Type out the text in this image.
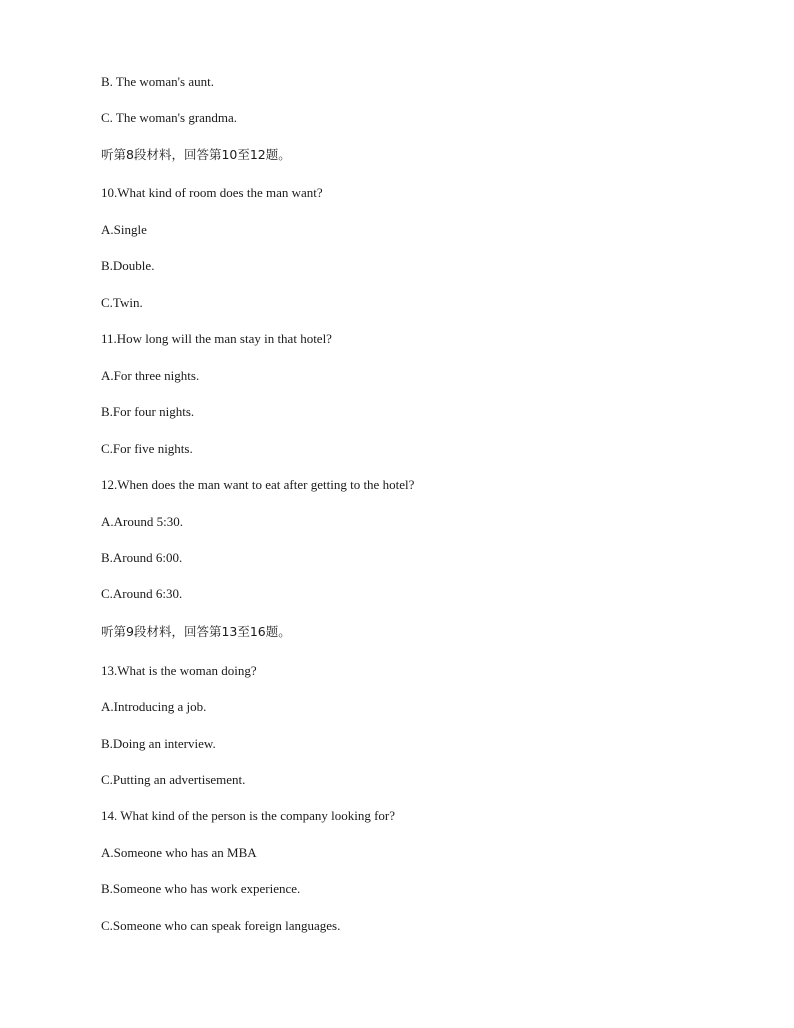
B. The woman's aunt.
C. The woman's grandma.
听第8段材料，回答第10至12题。
10.What kind of room does the man want?
A.Single
B.Double.
C.Twin.
11.How long will the man stay in that hotel?
A.For three nights.
B.For four nights.
C.For five nights.
12.When does the man want to eat after getting to the hotel?
A.Around 5:30.
B.Around 6:00.
C.Around 6:30.
听第9段材料，回答第13至16题。
13.What is the woman doing?
A.Introducing a job.
B.Doing an interview.
C.Putting an advertisement.
14. What kind of the person is the company looking for?
A.Someone who has an MBA
B.Someone who has work experience.
C.Someone who can speak foreign languages.
